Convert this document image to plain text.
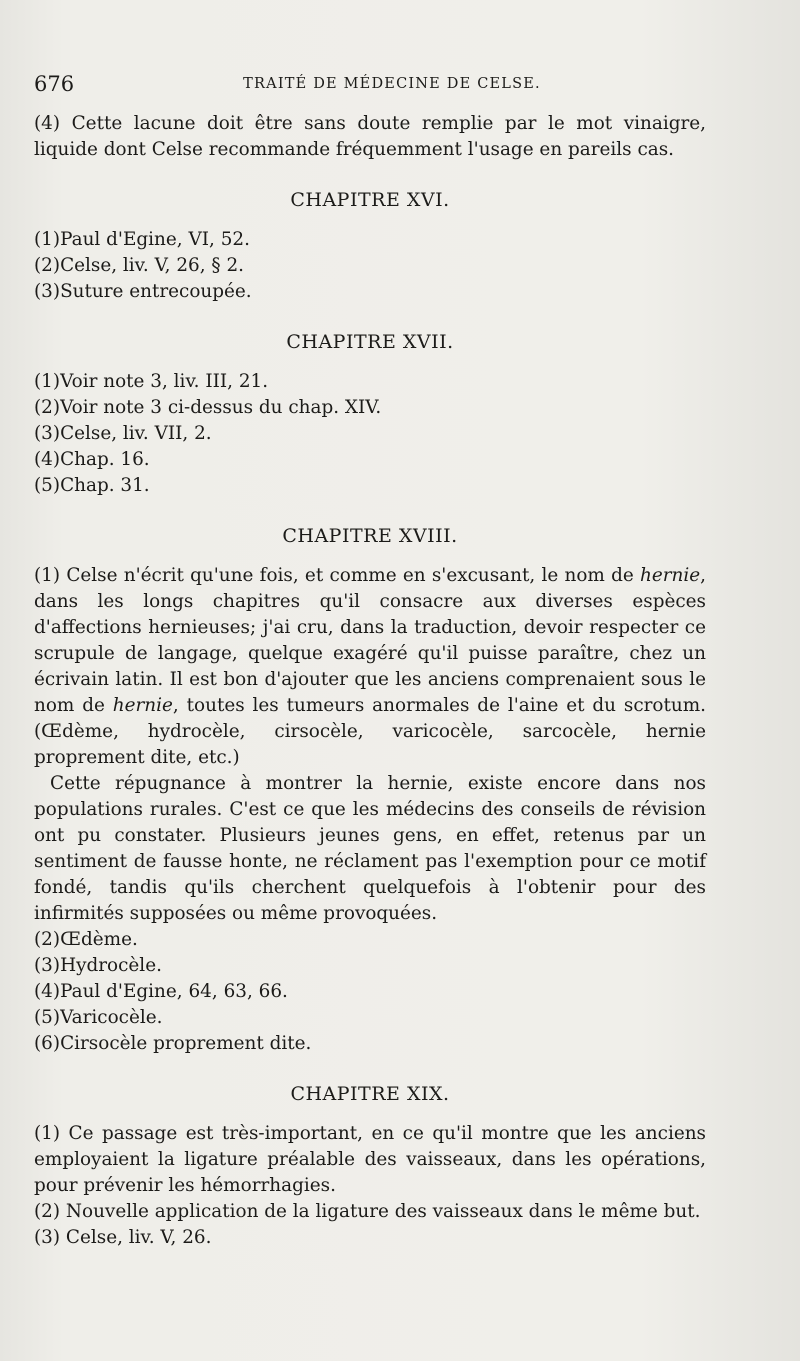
676	TRAITÉ DE MÉDECINE DE CELSE.

(4) Cette lacune doit être sans doute remplie par le mot vinaigre, liquide dont Celse recommande fréquemment l'usage en pareils cas.

CHAPITRE XVI.

(1)Paul d'Egine, VI, 52.

(2)Celse, liv. V, 26, § 2.

(3)Suture entrecoupée.

CHAPITRE XVII.

(1)Voir note 3, liv. III, 21.

(2)Voir note 3 ci-dessus du chap. XIV.

(3)Celse, liv. VII, 2.

(4)Chap. 16.

(5)Chap. 31.

CHAPITRE XVIII.

(1) Celse n'écrit qu'une fois, et comme en s'excusant, le nom de hernie, dans les longs chapitres qu'il consacre aux diverses espèces d'affections hernieuses; j'ai cru, dans la traduction, devoir respecter ce scrupule de langage, quelque exagéré qu'il puisse paraître, chez un écrivain latin. Il est bon d'ajouter que les anciens comprenaient sous le nom de hernie, toutes les tumeurs anormales de l'aine et du scrotum. (Œdème, hydrocèle, cirsocèle, varicocèle, sarcocèle, hernie proprement dite, etc.)

Cette répugnance à montrer la hernie, existe encore dans nos populations rurales. C'est ce que les médecins des conseils de révision ont pu constater. Plusieurs jeunes gens, en effet, retenus par un sentiment de fausse honte, ne réclament pas l'exemption pour ce motif fondé, tandis qu'ils cherchent quelquefois à l'obtenir pour des infirmités supposées ou même provoquées.

(2)Œdème.

(3)Hydrocèle.

(4)Paul d'Egine, 64, 63, 66.

(5)Varicocèle.

(6)Cirsocèle proprement dite.

CHAPITRE XIX.

(1) Ce passage est très-important, en ce qu'il montre que les anciens employaient la ligature préalable des vaisseaux, dans les opérations, pour prévenir les hémorrhagies.

(2) Nouvelle application de la ligature des vaisseaux dans le même but.

(3) Celse, liv. V, 26.
